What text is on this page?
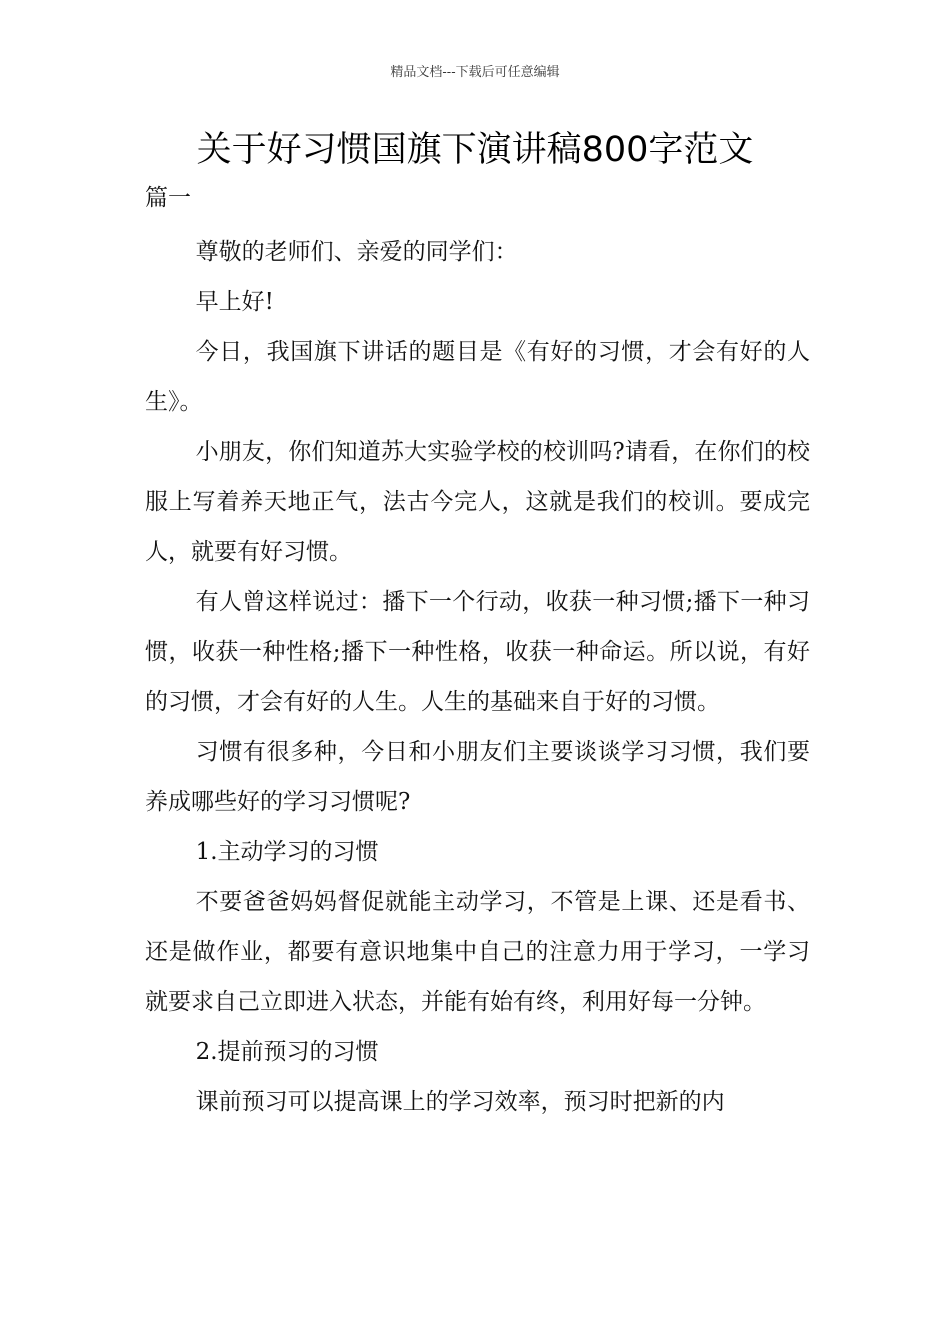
精品文档---下载后可任意编辑
关于好习惯国旗下演讲稿800字范文
篇一

尊敬的老师们、亲爱的同学们：

早上好!

今日，我国旗下讲话的题目是《有好的习惯，才会有好的人生》。

小朋友，你们知道苏大实验学校的校训吗?请看，在你们的校服上写着养天地正气，法古今完人，这就是我们的校训。要成完人，就要有好习惯。

有人曾这样说过：播下一个行动，收获一种习惯;播下一种习惯，收获一种性格;播下一种性格，收获一种命运。所以说，有好的习惯，才会有好的人生。人生的基础来自于好的习惯。

习惯有很多种，今日和小朋友们主要谈谈学习习惯，我们要养成哪些好的学习习惯呢?

1.主动学习的习惯

不要爸爸妈妈督促就能主动学习，不管是上课、还是看书、还是做作业，都要有意识地集中自己的注意力用于学习，一学习就要求自己立即进入状态，并能有始有终，利用好每一分钟。

2.提前预习的习惯

课前预习可以提高课上的学习效率，预习时把新的内
